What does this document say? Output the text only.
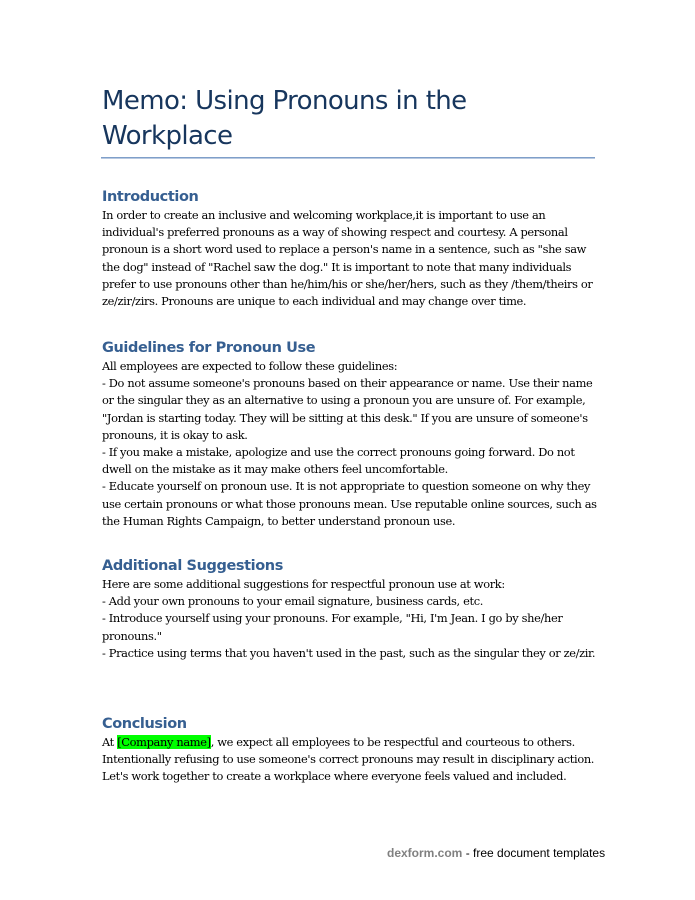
Memo: Using Pronouns in the Workplace
Introduction

In order to create an inclusive and welcoming workplace,it is important to use an individual's preferred pronouns as a way of showing respect and courtesy. A personal pronoun is a short word used to replace a person's name in a sentence, such as "she saw the dog" instead of "Rachel saw the dog." It is important to note that many individuals prefer to use pronouns other than he/him/his or she/her/hers, such as they /them/theirs or ze/zir/zirs. Pronouns are unique to each individual and may change over time.

Guidelines for Pronoun Use

All employees are expected to follow these guidelines:

- Do not assume someone's pronouns based on their appearance or name. Use their name or the singular they as an alternative to using a pronoun you are unsure of. For example, "Jordan is starting today. They will be sitting at this desk." If you are unsure of someone's pronouns, it is okay to ask.

- If you make a mistake, apologize and use the correct pronouns going forward. Do not dwell on the mistake as it may make others feel uncomfortable.

- Educate yourself on pronoun use. It is not appropriate to question someone on why they use certain pronouns or what those pronouns mean. Use reputable online sources, such as the Human Rights Campaign, to better understand pronoun use.

Additional Suggestions

Here are some additional suggestions for respectful pronoun use at work:

- Add your own pronouns to your email signature, business cards, etc.

- Introduce yourself using your pronouns. For example, "Hi, I'm Jean. I go by she/her pronouns."

- Practice using terms that you haven't used in the past, such as the singular they or ze/zir.

Conclusion

At [Company name], we expect all employees to be respectful and courteous to others. Intentionally refusing to use someone's correct pronouns may result in disciplinary action. Let's work together to create a workplace where everyone feels valued and included.

dexform.com - free document templates
